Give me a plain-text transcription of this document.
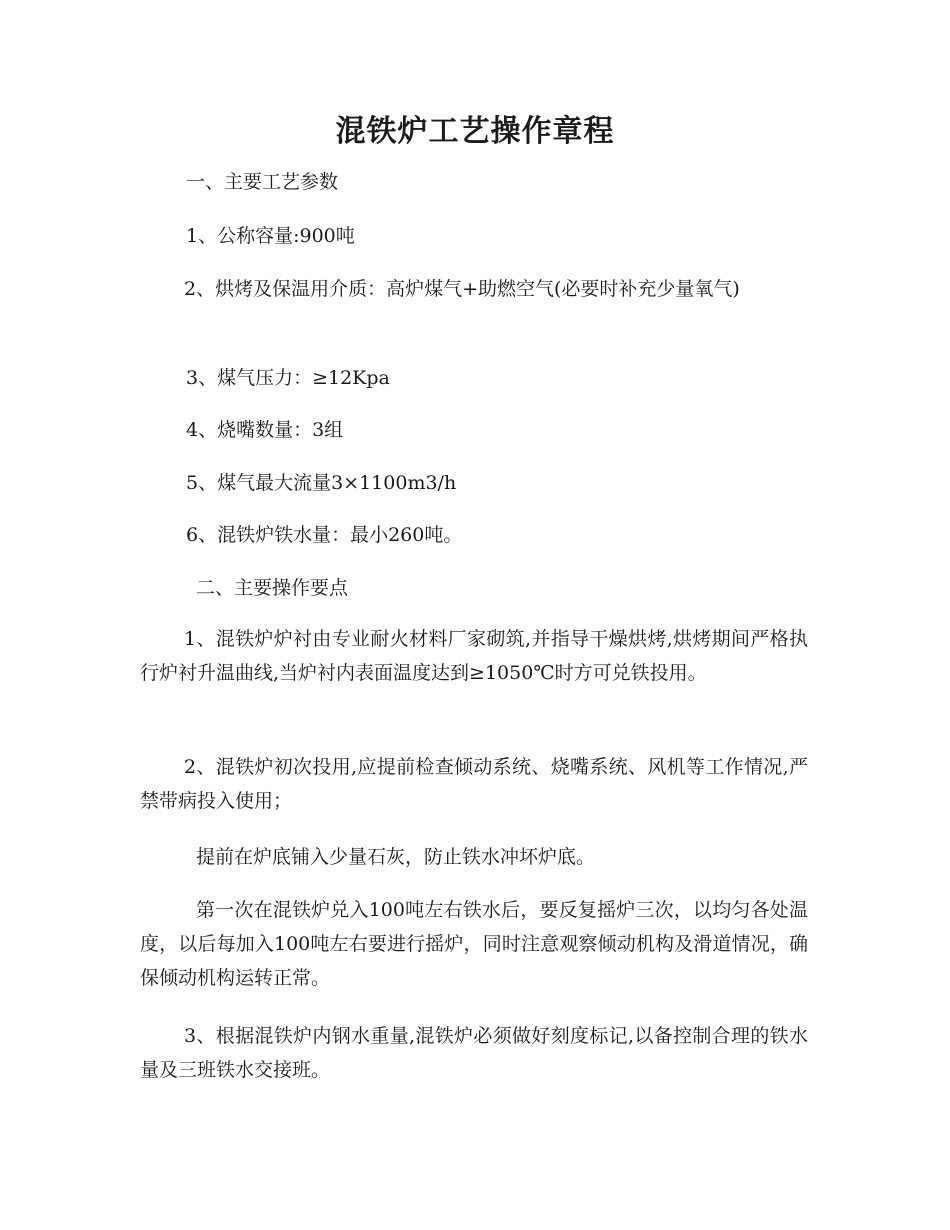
混铁炉工艺操作章程
一、主要工艺参数
1、公称容量:900吨
2、烘烤及保温用介质：高炉煤气+助燃空气(必要时补充少量氧气)
3、煤气压力：≥12Kpa
4、烧嘴数量：3组
5、煤气最大流量3×1100m3/h
6、混铁炉铁水量：最小260吨。
二、主要操作要点
1、混铁炉炉衬由专业耐火材料厂家砌筑,并指导干燥烘烤,烘烤期间严格执行炉衬升温曲线,当炉衬内表面温度达到≥1050℃时方可兑铁投用。
2、混铁炉初次投用,应提前检查倾动系统、烧嘴系统、风机等工作情况,严禁带病投入使用；
提前在炉底铺入少量石灰，防止铁水冲坏炉底。
第一次在混铁炉兑入100吨左右铁水后，要反复摇炉三次，以均匀各处温度，以后每加入100吨左右要进行摇炉，同时注意观察倾动机构及滑道情况，确保倾动机构运转正常。
3、根据混铁炉内钢水重量,混铁炉必须做好刻度标记,以备控制合理的铁水量及三班铁水交接班。
